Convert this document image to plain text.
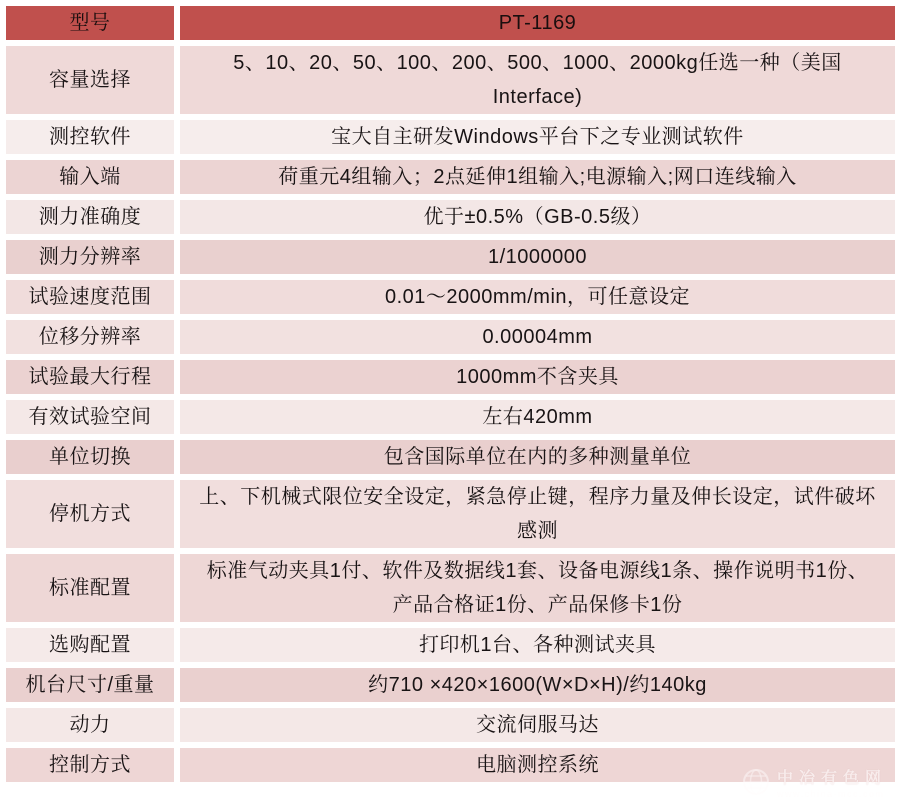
型号	PT-1169
容量选择	5、10、20、50、100、200、500、1000、2000kg任选一种（美国 Interface)
测控软件	宝大自主研发Windows平台下之专业测试软件
输入端	荷重元4组输入；2点延伸1组输入;电源输入;网口连线输入
测力准确度	优于±0.5%（GB-0.5级）
测力分辨率	1/1000000
试验速度范围	0.01～2000mm/min，可任意设定
位移分辨率	0.00004mm
试验最大行程	1000mm不含夹具
有效试验空间	左右420mm
单位切换	包含国际单位在内的多种测量单位
停机方式	上、下机械式限位安全设定，紧急停止键，程序力量及伸长设定，试件破坏感测
标准配置	标准气动夹具1付、软件及数据线1套、设备电源线1条、操作说明书1份、产品合格证1份、产品保修卡1份
选购配置	打印机1台、各种测试夹具
机台尺寸/重量	约710 ×420×1600(W×D×H)/约140kg
动力	交流伺服马达
控制方式	电脑测控系统
中冶有色网
www.china-mcc.com
